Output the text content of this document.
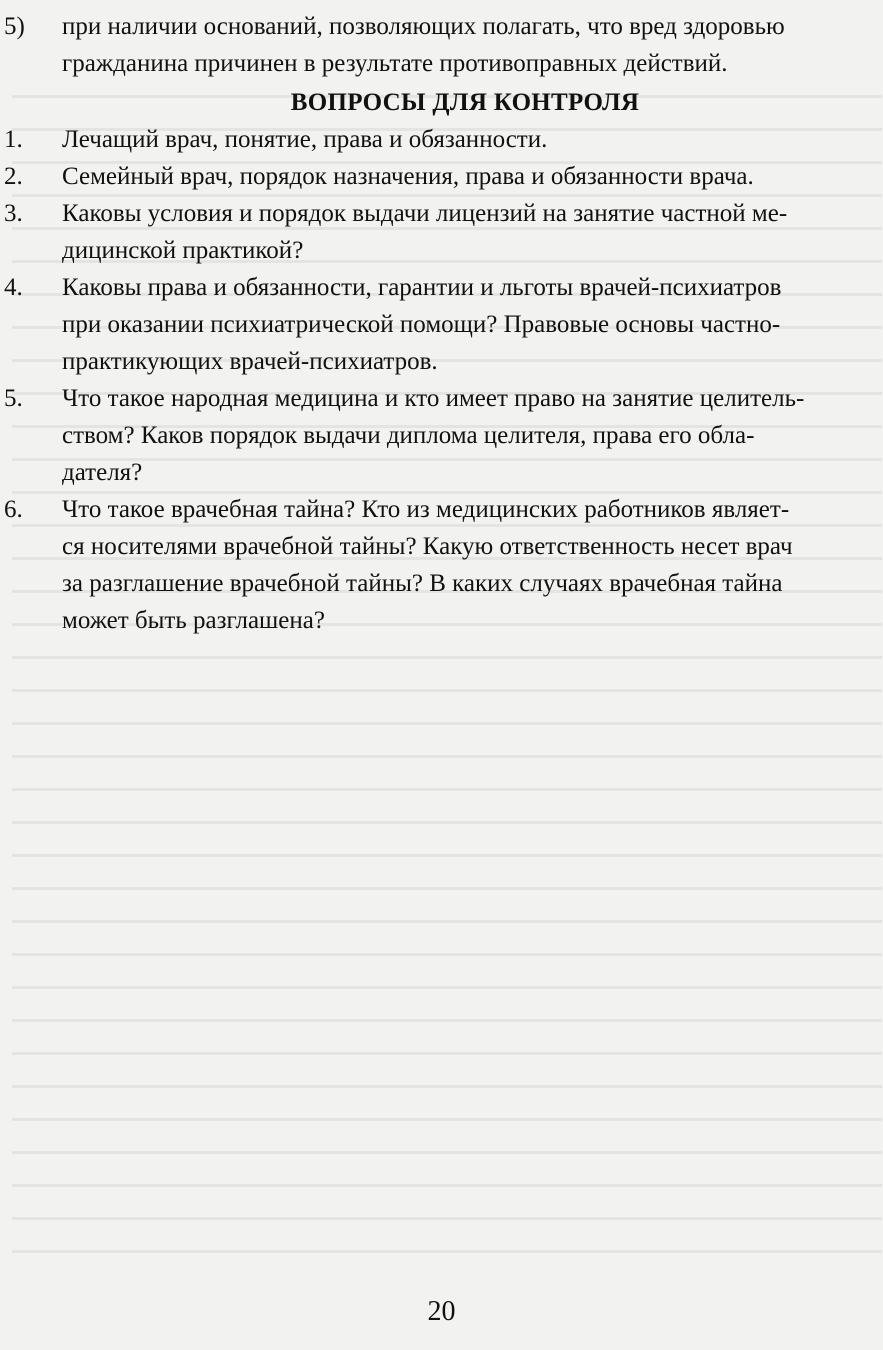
5) при наличии оснований, позволяющих полагать, что вред здоровью
гражданина причинен в результате противоправных действий.
ВОПРОСЫ ДЛЯ КОНТРОЛЯ
1. Лечащий врач, понятие, права и обязанности.
2. Семейный врач, порядок назначения, права и обязанности врача.
3. Каковы условия и порядок выдачи лицензий на занятие частной ме-
дицинской практикой?
4. Каковы права и обязанности, гарантии и льготы врачей-психиатров
при оказании психиатрической помощи? Правовые основы частно-
практикующих врачей-психиатров.
5. Что такое народная медицина и кто имеет право на занятие целитель-
ством? Каков порядок выдачи диплома целителя, права его обла-
дателя?
6. Что такое врачебная тайна? Кто из медицинских работников являет-
ся носителями врачебной тайны? Какую ответственность несет врач
за разглашение врачебной тайны? В каких случаях врачебная тайна
может быть разглашена?
20
